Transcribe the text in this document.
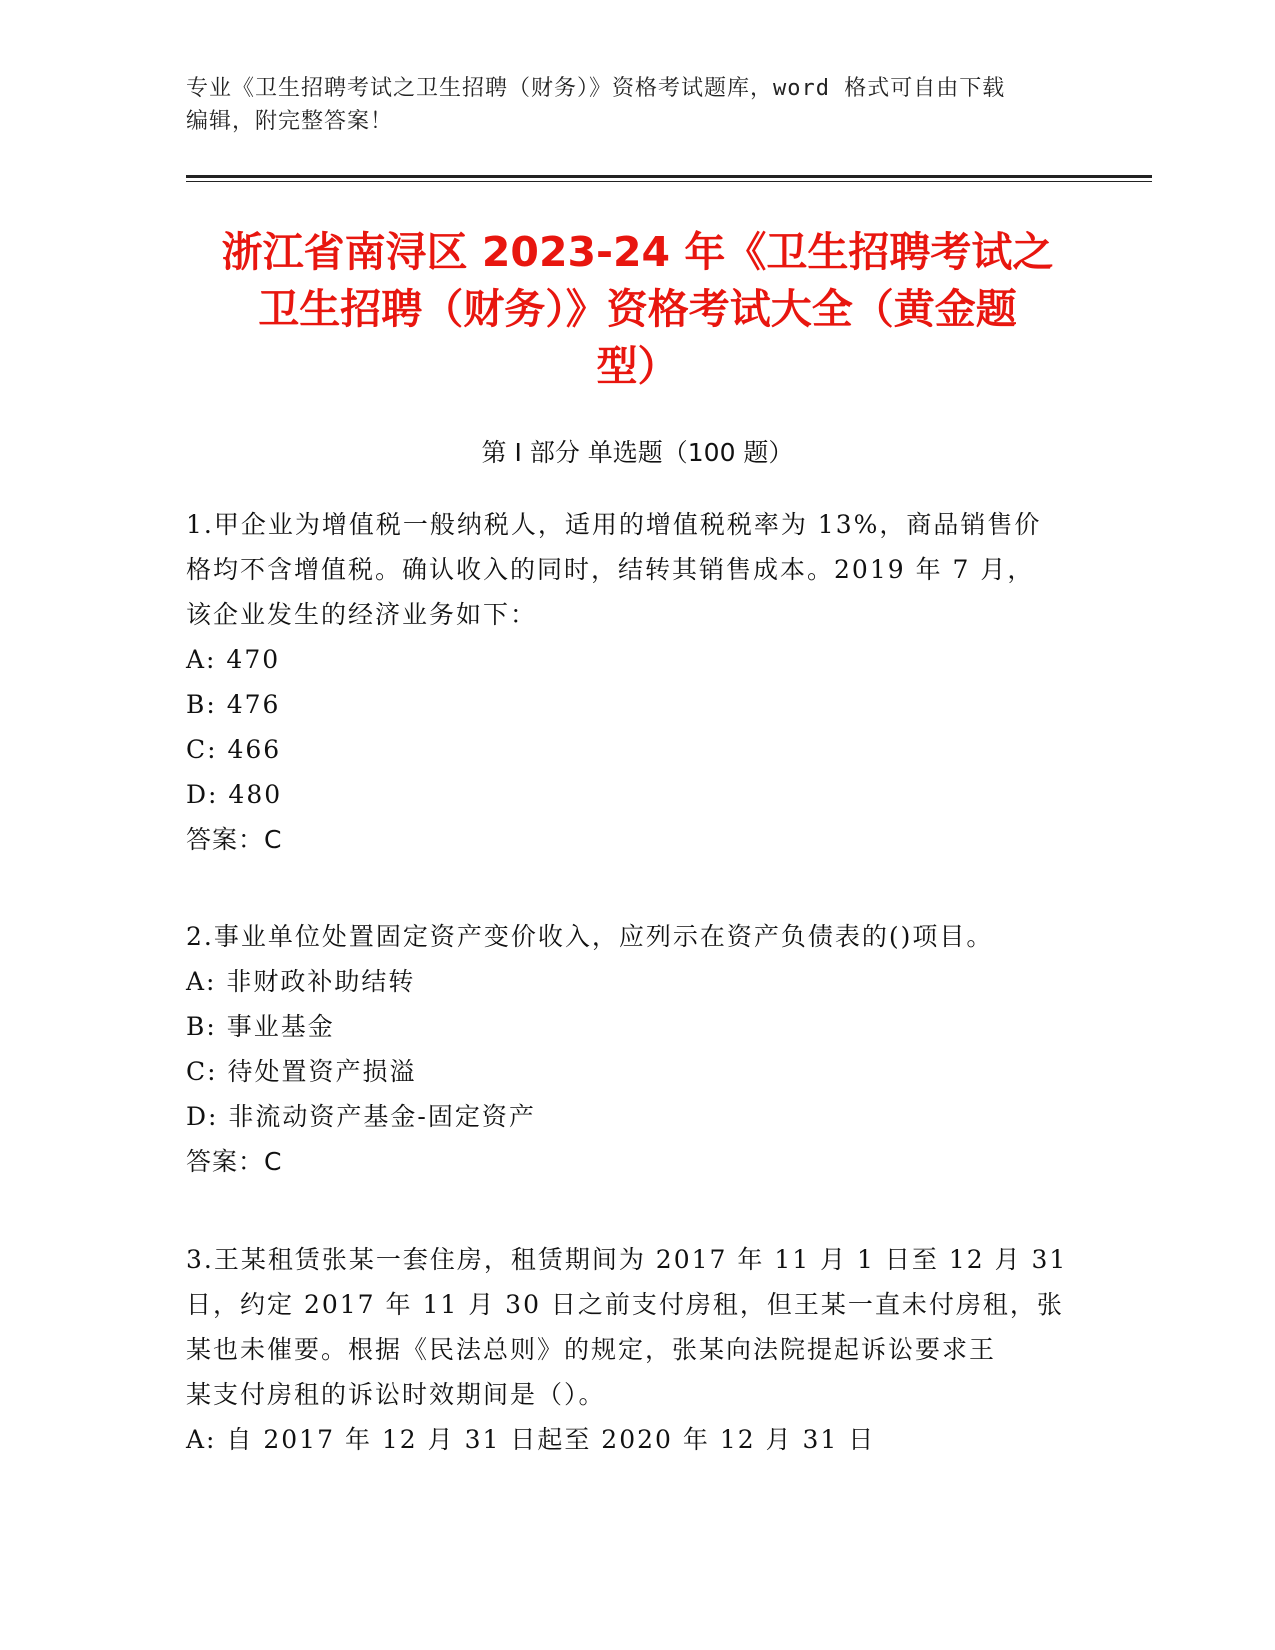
专业《卫生招聘考试之卫生招聘（财务）》资格考试题库，word 格式可自由下载
编辑，附完整答案！
浙江省南浔区 2023-24 年《卫生招聘考试之
卫生招聘（财务）》资格考试大全（黄金题
型）
第 I 部分 单选题（100 题）
1.甲企业为增值税一般纳税人，适用的增值税税率为 13%，商品销售价
格均不含增值税。确认收入的同时，结转其销售成本。2019 年 7 月，
该企业发生的经济业务如下：
A: 470
B: 476
C: 466
D: 480
答案：C
2.事业单位处置固定资产变价收入，应列示在资产负债表的()项目。
A: 非财政补助结转
B: 事业基金
C: 待处置资产损溢
D: 非流动资产基金-固定资产
答案：C
3.王某租赁张某一套住房，租赁期间为 2017 年 11 月 1 日至 12 月 31
日，约定 2017 年 11 月 30 日之前支付房租，但王某一直未付房租，张
某也未催要。根据《民法总则》的规定，张某向法院提起诉讼要求王
某支付房租的诉讼时效期间是（）。
A: 自 2017 年 12 月 31 日起至 2020 年 12 月 31 日
